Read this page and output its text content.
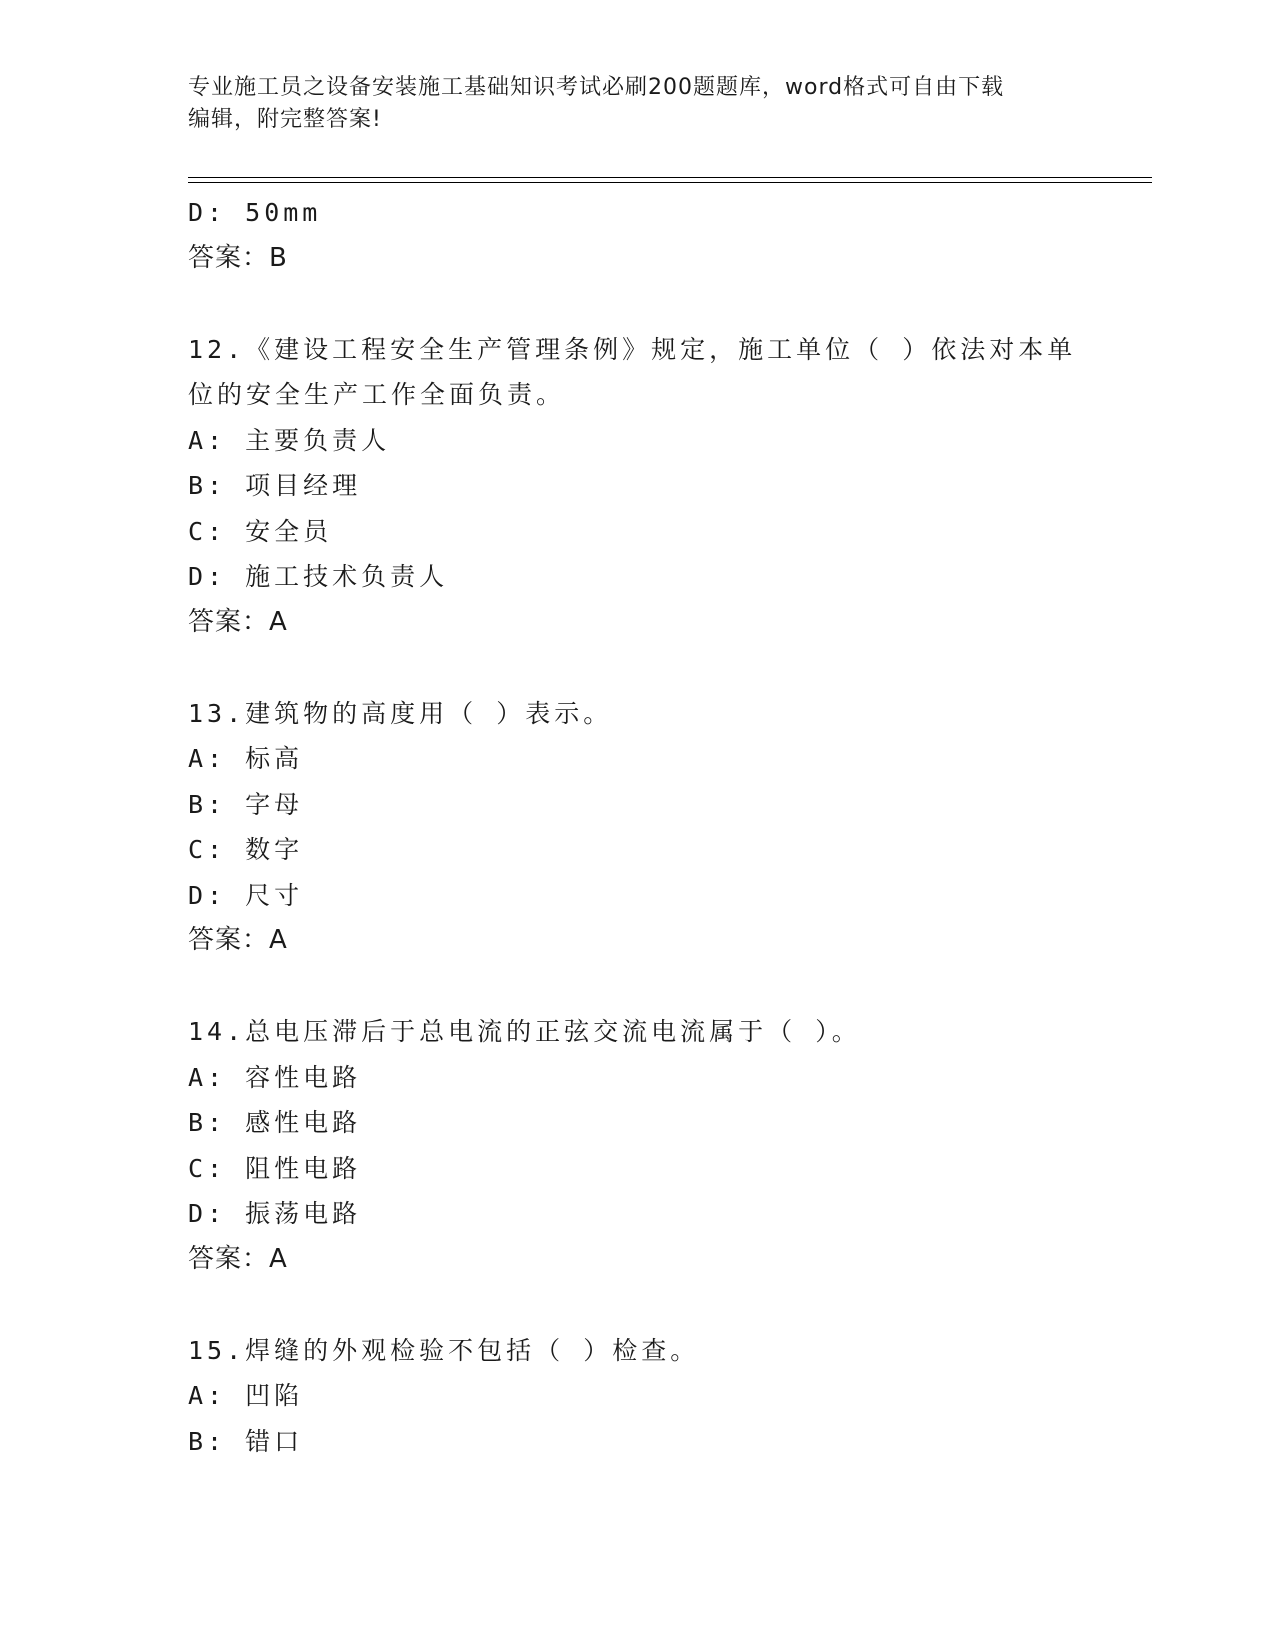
专业施工员之设备安装施工基础知识考试必刷200题题库，word格式可自由下载
编辑，附完整答案!
D: 50mm
答案：B
12.《建设工程安全生产管理条例》规定，施工单位（ ）依法对本单
位的安全生产工作全面负责。
A: 主要负责人
B: 项目经理
C: 安全员
D: 施工技术负责人
答案：A
13.建筑物的高度用（ ）表示。
A: 标高
B: 字母
C: 数字
D: 尺寸
答案：A
14.总电压滞后于总电流的正弦交流电流属于（ ）。
A: 容性电路
B: 感性电路
C: 阻性电路
D: 振荡电路
答案：A
15.焊缝的外观检验不包括（ ）检查。
A: 凹陷
B: 错口
